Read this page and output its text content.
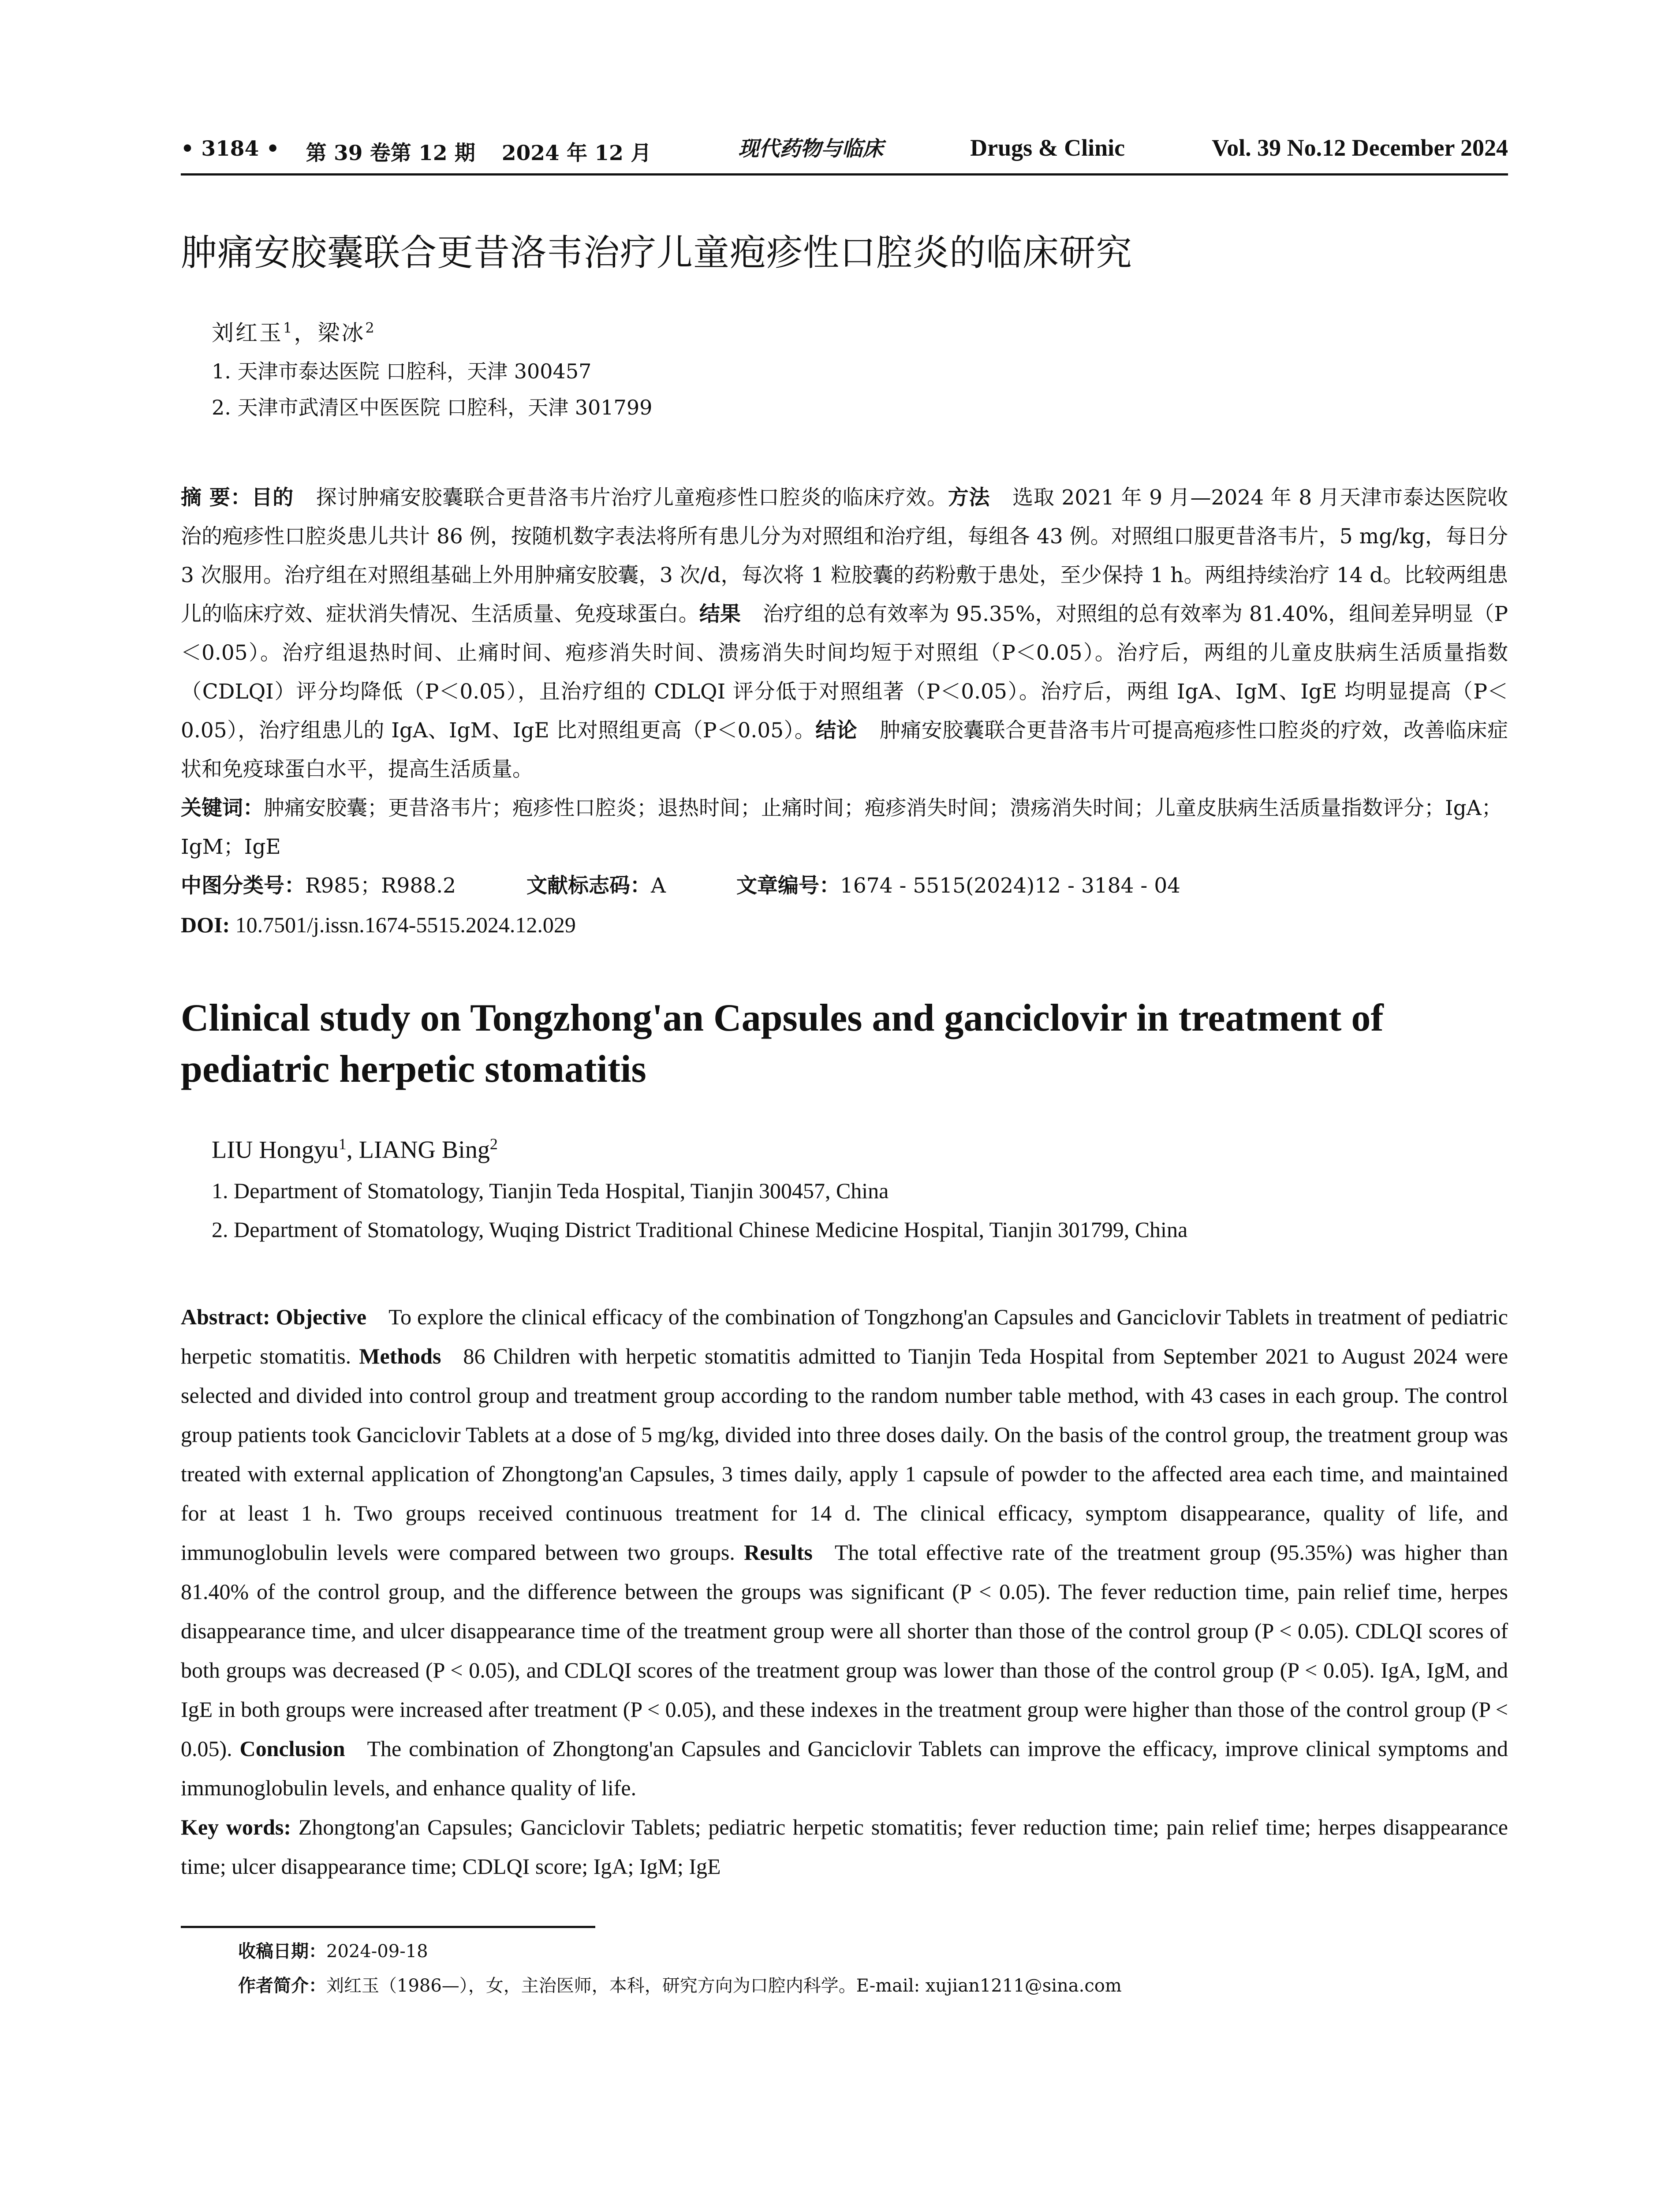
• 3184 • 第 39 卷第 12 期 2024 年 12 月	现代药物与临床	Drugs & Clinic	Vol. 39 No.12 December 2024
肿痛安胶囊联合更昔洛韦治疗儿童疱疹性口腔炎的临床研究
刘红玉$^1$，梁冰$^2$
1. 天津市泰达医院 口腔科，天津 300457
2. 天津市武清区中医医院 口腔科，天津 301799
摘 要：目的 探讨肿痛安胶囊联合更昔洛韦片治疗儿童疱疹性口腔炎的临床疗效。方法 选取 2021 年 9 月—2024 年 8 月天津市泰达医院收治的疱疹性口腔炎患儿共计 86 例，按随机数字表法将所有患儿分为对照组和治疗组，每组各 43 例。对照组口服更昔洛韦片，5 mg/kg，每日分 3 次服用。治疗组在对照组基础上外用肿痛安胶囊，3 次/d，每次将 1 粒胶囊的药粉敷于患处，至少保持 1 h。两组持续治疗 14 d。比较两组患儿的临床疗效、症状消失情况、生活质量、免疫球蛋白。结果 治疗组的总有效率为 95.35%，对照组的总有效率为 81.40%，组间差异明显（P＜0.05）。治疗组退热时间、止痛时间、疱疹消失时间、溃疡消失时间均短于对照组（P＜0.05）。治疗后，两组的儿童皮肤病生活质量指数（CDLQI）评分均降低（P＜0.05），且治疗组的 CDLQI 评分低于对照组著（P＜0.05）。治疗后，两组 IgA、IgM、IgE 均明显提高（P＜0.05），治疗组患儿的 IgA、IgM、IgE 比对照组更高（P＜0.05）。结论 肿痛安胶囊联合更昔洛韦片可提高疱疹性口腔炎的疗效，改善临床症状和免疫球蛋白水平，提高生活质量。
关键词：肿痛安胶囊；更昔洛韦片；疱疹性口腔炎；退热时间；止痛时间；疱疹消失时间；溃疡消失时间；儿童皮肤病生活质量指数评分；IgA；IgM；IgE
中图分类号：R985；R988.2	文献标志码：A	文章编号：1674 - 5515(2024)12 - 3184 - 04
DOI: 10.7501/j.issn.1674-5515.2024.12.029
Clinical study on Tongzhong'an Capsules and ganciclovir in treatment of pediatric herpetic stomatitis
LIU Hongyu$^1$, LIANG Bing$^2$
1. Department of Stomatology, Tianjin Teda Hospital, Tianjin 300457, China
2. Department of Stomatology, Wuqing District Traditional Chinese Medicine Hospital, Tianjin 301799, China
Abstract: Objective To explore the clinical efficacy of the combination of Tongzhong'an Capsules and Ganciclovir Tablets in treatment of pediatric herpetic stomatitis. Methods 86 Children with herpetic stomatitis admitted to Tianjin Teda Hospital from September 2021 to August 2024 were selected and divided into control group and treatment group according to the random number table method, with 43 cases in each group. The control group patients took Ganciclovir Tablets at a dose of 5 mg/kg, divided into three doses daily. On the basis of the control group, the treatment group was treated with external application of Zhongtong'an Capsules, 3 times daily, apply 1 capsule of powder to the affected area each time, and maintained for at least 1 h. Two groups received continuous treatment for 14 d. The clinical efficacy, symptom disappearance, quality of life, and immunoglobulin levels were compared between two groups. Results The total effective rate of the treatment group (95.35%) was higher than 81.40% of the control group, and the difference between the groups was significant (P < 0.05). The fever reduction time, pain relief time, herpes disappearance time, and ulcer disappearance time of the treatment group were all shorter than those of the control group (P < 0.05). CDLQI scores of both groups was decreased (P < 0.05), and CDLQI scores of the treatment group was lower than those of the control group (P < 0.05). IgA, IgM, and IgE in both groups were increased after treatment (P < 0.05), and these indexes in the treatment group were higher than those of the control group (P < 0.05). Conclusion The combination of Zhongtong'an Capsules and Ganciclovir Tablets can improve the efficacy, improve clinical symptoms and immunoglobulin levels, and enhance quality of life.
Key words: Zhongtong'an Capsules; Ganciclovir Tablets; pediatric herpetic stomatitis; fever reduction time; pain relief time; herpes disappearance time; ulcer disappearance time; CDLQI score; IgA; IgM; IgE
收稿日期：2024-09-18
作者简介：刘红玉（1986—），女，主治医师，本科，研究方向为口腔内科学。E-mail: xujian1211@sina.com
